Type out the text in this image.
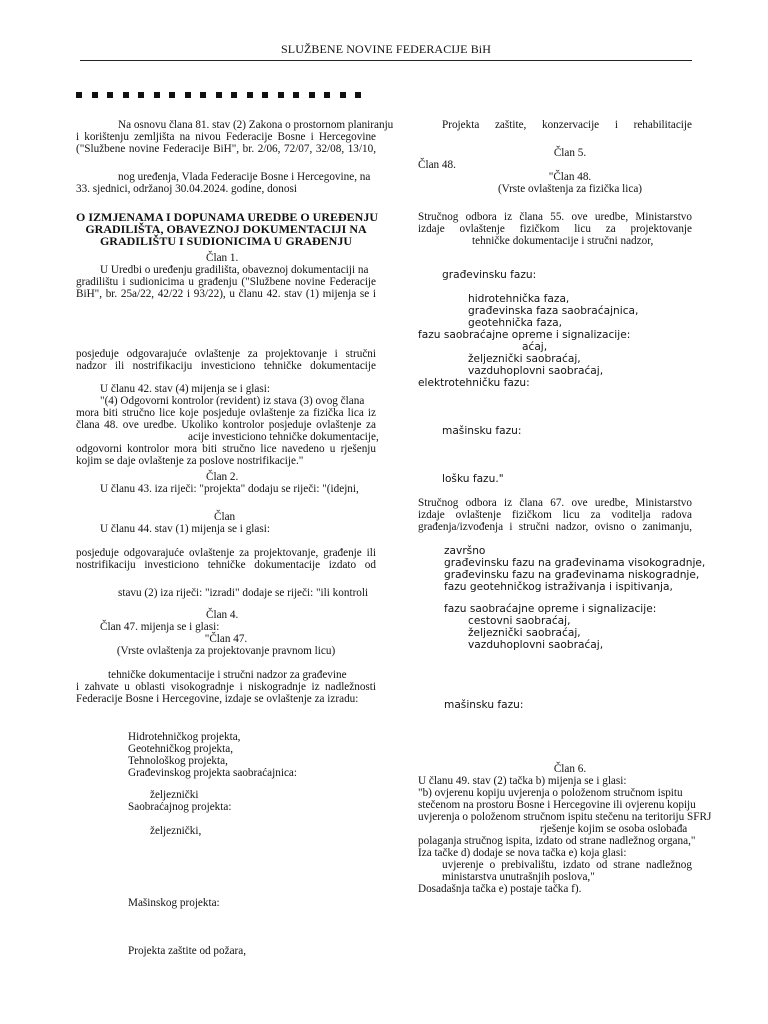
SLUŽBENE NOVINE FEDERACIJE BiH
Na osnovu člana 81. stav (2) Zakona o prostornom planiranju
i korištenju zemljišta na nivou Federacije Bosne i Hercegovine
("Službene novine Federacije BiH", br. 2/06, 72/07, 32/08, 13/10,
nog uređenja, Vlada Federacije Bosne i Hercegovine, na
33. sjednici, održanoj 30.04.2024. godine, donosi
O IZMJENAMA I DOPUNAMA UREDBE O UREĐENJU
GRADILIŠTA, OBAVEZNOJ DOKUMENTACIJI NA
GRADILIŠTU I SUDIONICIMA U GRAĐENJU
Član 1.
U Uredbi o uređenju gradilišta, obaveznoj dokumentaciji na
gradilištu i sudionicima u građenju ("Službene novine Federacije
BiH", br. 25a/22, 42/22 i 93/22), u članu 42. stav (1) mijenja se i
posjeduje odgovarajuće ovlaštenje za projektovanje i stručni
nadzor ili nostrifikaciju investiciono tehničke dokumentacije
U članu 42. stav (4) mijenja se i glasi:
"(4) Odgovorni kontrolor (revident) iz stava (3) ovog člana
mora biti stručno lice koje posjeduje ovlaštenje za fizička lica iz
člana 48. ove uredbe. Ukoliko kontrolor posjeduje ovlaštenje za
acije investiciono tehničke dokumentacije,
odgovorni kontrolor mora biti stručno lice navedeno u rješenju
kojim se daje ovlaštenje za poslove nostrifikacije."
Član 2.
U članu 43. iza riječi: "projekta" dodaju se riječi: "(idejni,
Član
U članu 44. stav (1) mijenja se i glasi:
posjeduje odgovarajuće ovlaštenje za projektovanje, građenje ili
nostrifikaciju investiciono tehničke dokumentacije izdato od
stavu (2) iza riječi: "izradi" dodaje se riječi: "ili kontroli
Član 4.
Član 47. mijenja se i glasi:
"Član 47.
(Vrste ovlaštenja za projektovanje pravnom licu)
tehničke dokumentacije i stručni nadzor za građevine
i zahvate u oblasti visokogradnje i niskogradnje iz nadležnosti
Federacije Bosne i Hercegovine, izdaje se ovlaštenje za izradu:
Hidrotehničkog projekta,
Geotehničkog projekta,
Tehnološkog projekta,
Građevinskog projekta saobraćajnica:
željeznički
Saobraćajnog projekta:
željeznički,
Mašinskog projekta:
Projekta zaštite od požara,
Projekta zaštite, konzervacije i rehabilitacije
Član 5.
Član 48.
"Član 48.
(Vrste ovlaštenja za fizička lica)
Stručnog odbora iz člana 55. ove uredbe, Ministarstvo
izdaje ovlaštenje fizičkom licu za projektovanje
tehničke dokumentacije i stručni nadzor,
građevinsku fazu:
hidrotehnička faza,
građevinska faza saobraćajnica,
geotehnička faza,
fazu saobraćajne opreme i signalizacije:
aćaj,
željeznički saobraćaj,
vazduhoplovni saobraćaj,
elektrotehničku fazu:
mašinsku fazu:
lošku fazu."
Stručnog odbora iz člana 67. ove uredbe, Ministarstvo
izdaje ovlaštenje fizičkom licu za voditelja radova
građenja/izvođenja i stručni nadzor, ovisno o zanimanju,
završno
građevinsku fazu na građevinama visokogradnje,
građevinsku fazu na građevinama niskogradnje,
fazu geotehničkog istraživanja i ispitivanja,
fazu saobraćajne opreme i signalizacije:
cestovni saobraćaj,
željeznički saobraćaj,
vazduhoplovni saobraćaj,
mašinsku fazu:
Član 6.
U članu 49. stav (2) tačka b) mijenja se i glasi:
"b) ovjerenu kopiju uvjerenja o položenom stručnom ispitu
stečenom na prostoru Bosne i Hercegovine ili ovjerenu kopiju
uvjerenja o položenom stručnom ispitu stečenu na teritoriju SFRJ
rješenje kojim se osoba oslobađa
polaganja stručnog ispita, izdato od strane nadležnog organa,"
Iza tačke d) dodaje se nova tačka e) koja glasi:
uvjerenje o prebivalištu, izdato od strane nadležnog
ministarstva unutrašnjih poslova,"
Dosadašnja tačka e) postaje tačka f).
